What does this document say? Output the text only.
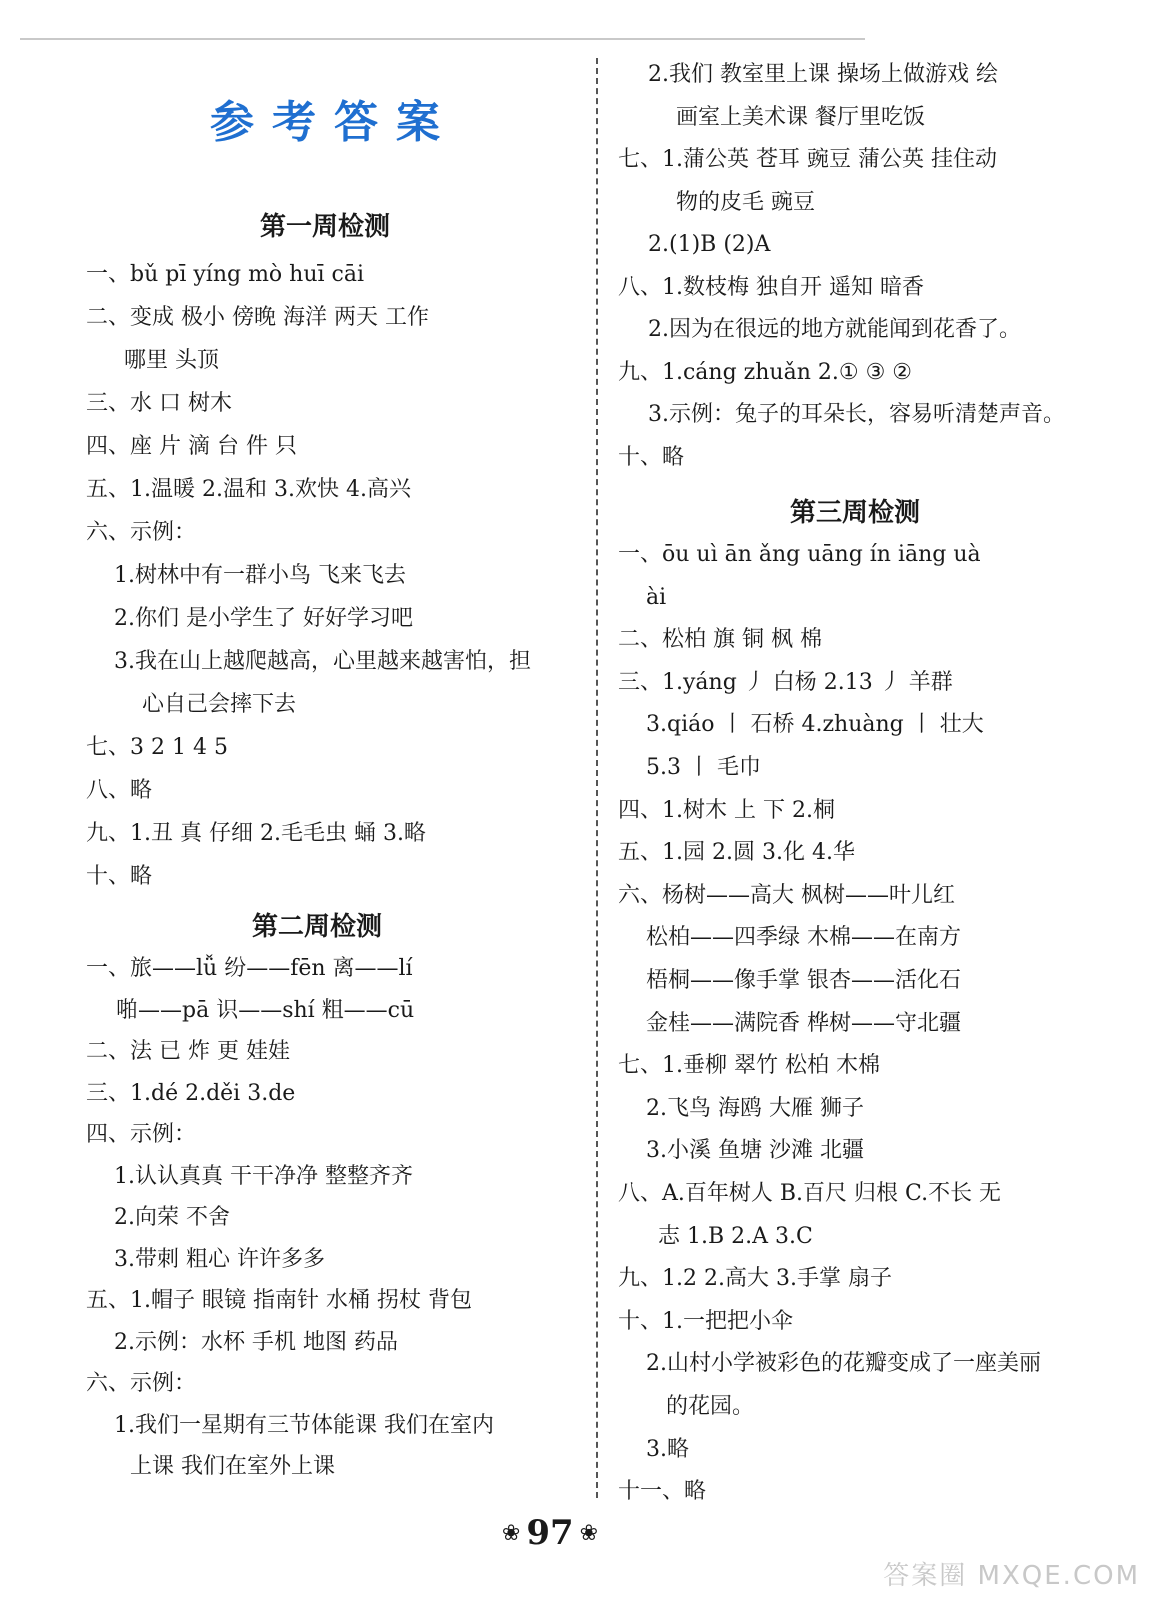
参考答案
第一周检测
一、bǔ pī yíng mò huī cāi
二、变成 极小 傍晚 海洋 两天 工作
哪里 头顶
三、水 口 树木
四、座 片 滴 台 件 只
五、1.温暖 2.温和 3.欢快 4.高兴
六、示例：
1.树林中有一群小鸟 飞来飞去
2.你们 是小学生了 好好学习吧
3.我在山上越爬越高，心里越来越害怕，担
心自己会摔下去
七、3 2 1 4 5
八、略
九、1.丑 真 仔细 2.毛毛虫 蛹 3.略
十、略
第二周检测
一、旅——lǚ 纷——fēn 离——lí
啪——pā 识——shí 粗——cū
二、法 已 炸 更 娃娃
三、1.dé 2.děi 3.de
四、示例：
1.认认真真 干干净净 整整齐齐
2.向荣 不舍
3.带刺 粗心 许许多多
五、1.帽子 眼镜 指南针 水桶 拐杖 背包
2.示例：水杯 手机 地图 药品
六、示例：
1.我们一星期有三节体能课 我们在室内
上课 我们在室外上课
2.我们 教室里上课 操场上做游戏 绘
画室上美术课 餐厅里吃饭
七、1.蒲公英 苍耳 豌豆 蒲公英 挂住动
物的皮毛 豌豆
2.(1)B (2)A
八、1.数枝梅 独自开 遥知 暗香
2.因为在很远的地方就能闻到花香了。
九、1.cáng zhuǎn 2.① ③ ②
3.示例：兔子的耳朵长，容易听清楚声音。
十、略
第三周检测
一、ōu uì ān ǎng uāng ín iāng uà
ài
二、松柏 旗 铜 枫 棉
三、1.yáng 丿 白杨 2.13 丿 羊群
3.qiáo 丨 石桥 4.zhuàng 丨 壮大
5.3 丨 毛巾
四、1.树木 上 下 2.桐
五、1.园 2.圆 3.化 4.华
六、杨树——高大 枫树——叶儿红
松柏——四季绿 木棉——在南方
梧桐——像手掌 银杏——活化石
金桂——满院香 桦树——守北疆
七、1.垂柳 翠竹 松柏 木棉
2.飞鸟 海鸥 大雁 狮子
3.小溪 鱼塘 沙滩 北疆
八、A.百年树人 B.百尺 归根 C.不长 无
志 1.B 2.A 3.C
九、1.2 2.高大 3.手掌 扇子
十、1.一把把小伞
2.山村小学被彩色的花瓣变成了一座美丽
的花园。
3.略
十一、略
❀ 97 ❀
答案圈 MXQE.COM
